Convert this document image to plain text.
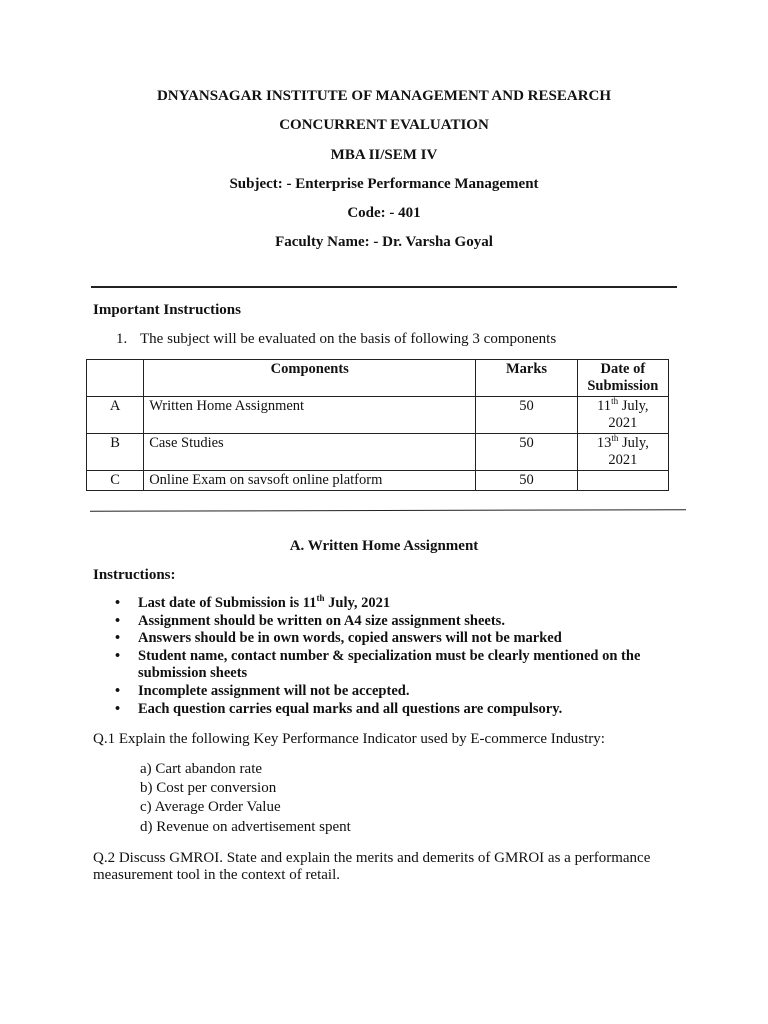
DNYANSAGAR INSTITUTE OF MANAGEMENT AND RESEARCH
CONCURRENT EVALUATION
MBA II/SEM IV
Subject: - Enterprise Performance Management
Code: - 401
Faculty Name: - Dr. Varsha Goyal
Important Instructions
1. The subject will be evaluated on the basis of following 3 components
	Components	Marks	Date of Submission
A	Written Home Assignment	50	11th July, 2021
B	Case Studies	50	13th July, 2021
C	Online Exam on savsoft online platform	50	
A. Written Home Assignment
Instructions:
• Last date of Submission is 11th July, 2021
• Assignment should be written on A4 size assignment sheets.
• Answers should be in own words, copied answers will not be marked
• Student name, contact number & specialization must be clearly mentioned on the submission sheets
• Incomplete assignment will not be accepted.
• Each question carries equal marks and all questions are compulsory.
Q.1 Explain the following Key Performance Indicator used by E-commerce Industry:
a) Cart abandon rate
b) Cost per conversion
c) Average Order Value
d) Revenue on advertisement spent
Q.2 Discuss GMROI. State and explain the merits and demerits of GMROI as a performance measurement tool in the context of retail.
